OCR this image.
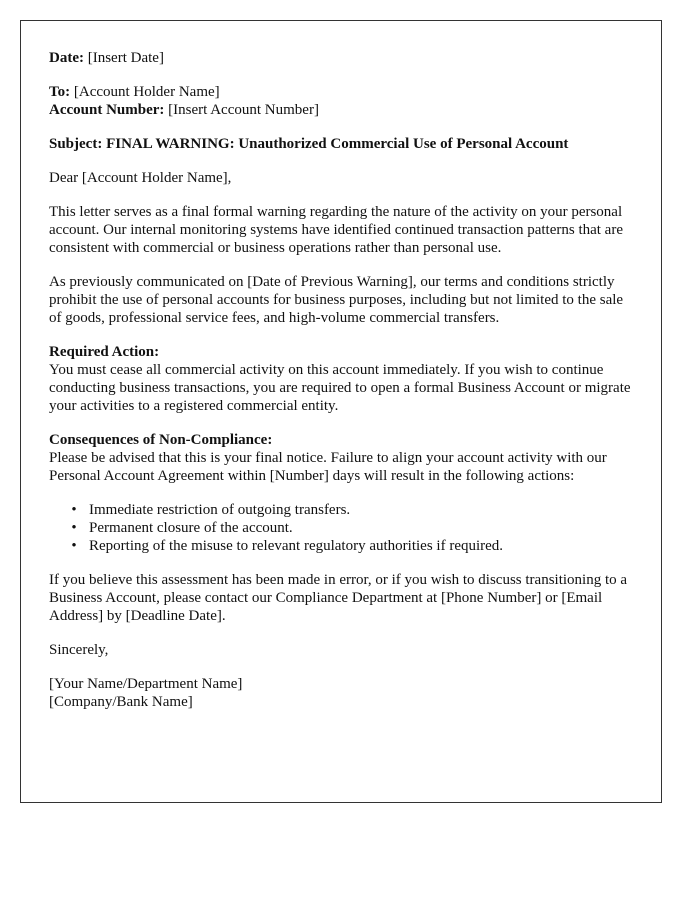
Date: [Insert Date]

To: [Account Holder Name]
Account Number: [Insert Account Number]

Subject: FINAL WARNING: Unauthorized Commercial Use of Personal Account

Dear [Account Holder Name],

This letter serves as a final formal warning regarding the nature of the activity on your personal account. Our internal monitoring systems have identified continued transaction patterns that are consistent with commercial or business operations rather than personal use.

As previously communicated on [Date of Previous Warning], our terms and conditions strictly prohibit the use of personal accounts for business purposes, including but not limited to the sale of goods, professional service fees, and high-volume commercial transfers.

Required Action:
You must cease all commercial activity on this account immediately. If you wish to continue conducting business transactions, you are required to open a formal Business Account or migrate your activities to a registered commercial entity.

Consequences of Non-Compliance:
Please be advised that this is your final notice. Failure to align your account activity with our Personal Account Agreement within [Number] days will result in the following actions:

• Immediate restriction of outgoing transfers.
• Permanent closure of the account.
• Reporting of the misuse to relevant regulatory authorities if required.

If you believe this assessment has been made in error, or if you wish to discuss transitioning to a Business Account, please contact our Compliance Department at [Phone Number] or [Email Address] by [Deadline Date].

Sincerely,

[Your Name/Department Name]
[Company/Bank Name]
